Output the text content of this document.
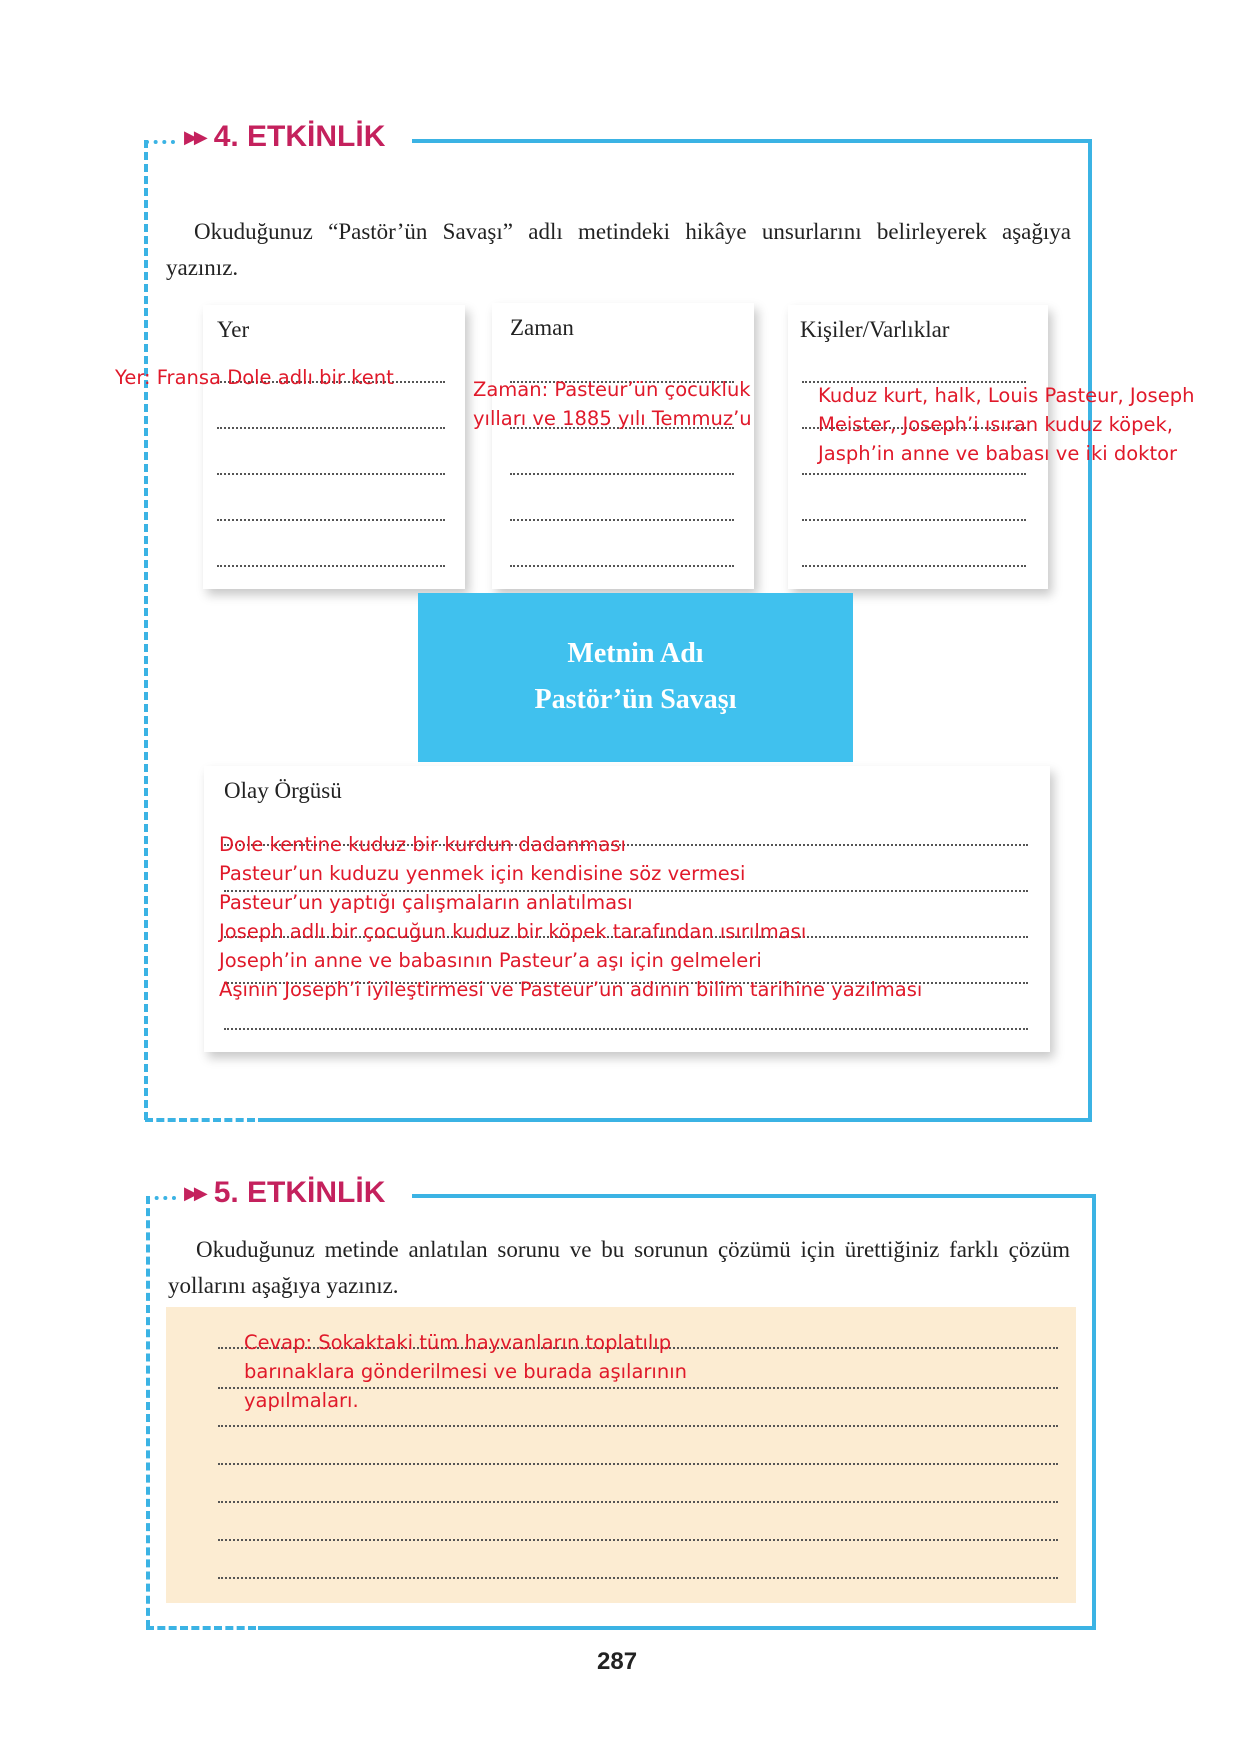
▶▶ 4. ETKİNLİK
Okuduğunuz “Pastör’ün Savaşı” adlı metindeki hikâye unsurlarını belirleyerek aşağıya yazınız.
Yer	Zaman	Kişiler/Varlıklar
Yer: Fransa Dole adlı bir kent
Zaman: Pasteur’ün çocukluk
yılları ve 1885 yılı Temmuz’u
Kuduz kurt, halk, Louis Pasteur, Joseph
Meister, Joseph’i ısıran kuduz köpek,
Jasph’in anne ve babası ve iki doktor
Metnin Adı
Pastör’ün Savaşı
Olay Örgüsü
Dole kentine kuduz bir kurdun dadanması
Pasteur’un kuduzu yenmek için kendisine söz vermesi
Pasteur’un yaptığı çalışmaların anlatılması
Joseph adlı bir çocuğun kuduz bir köpek tarafından ısırılması
Joseph’in anne ve babasının Pasteur’a aşı için gelmeleri
Aşının Joseph’i iyileştirmesi ve Pasteur’un adının bilim tarihine yazılması
▶▶ 5. ETKİNLİK
Okuduğunuz metinde anlatılan sorunu ve bu sorunun çözümü için ürettiğiniz farklı çözüm yollarını aşağıya yazınız.
Cevap: Sokaktaki tüm hayvanların toplatılıp
barınaklara gönderilmesi ve burada aşılarının
yapılmaları.
287
